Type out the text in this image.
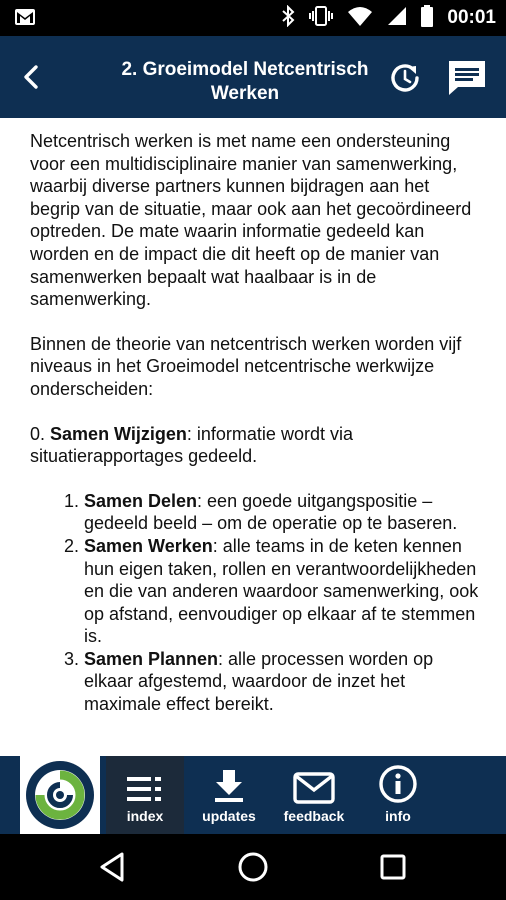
00:01
2. Groeimodel Netcentrisch Werken

Netcentrisch werken is met name een ondersteuning voor een multidisciplinaire manier van samenwerking, waarbij diverse partners kunnen bijdragen aan het begrip van de situatie, maar ook aan het gecoördineerd optreden. De mate waarin informatie gedeeld kan worden en de impact die dit heeft op de manier van samenwerken bepaalt wat haalbaar is in de samenwerking.

Binnen de theorie van netcentrisch werken worden vijf niveaus in het Groeimodel netcentrische werkwijze onderscheiden:

0. Samen Wijzigen: informatie wordt via situatierapportages gedeeld.

1. Samen Delen: een goede uitgangspositie – gedeeld beeld – om de operatie op te baseren.
2. Samen Werken: alle teams in de keten kennen hun eigen taken, rollen en verantwoordelijkheden en die van anderen waardoor samenwerking, ook op afstand, eenvoudiger op elkaar af te stemmen is.
3. Samen Plannen: alle processen worden op elkaar afgestemd, waardoor de inzet het maximale effect bereikt.
index	updates feedback	info
